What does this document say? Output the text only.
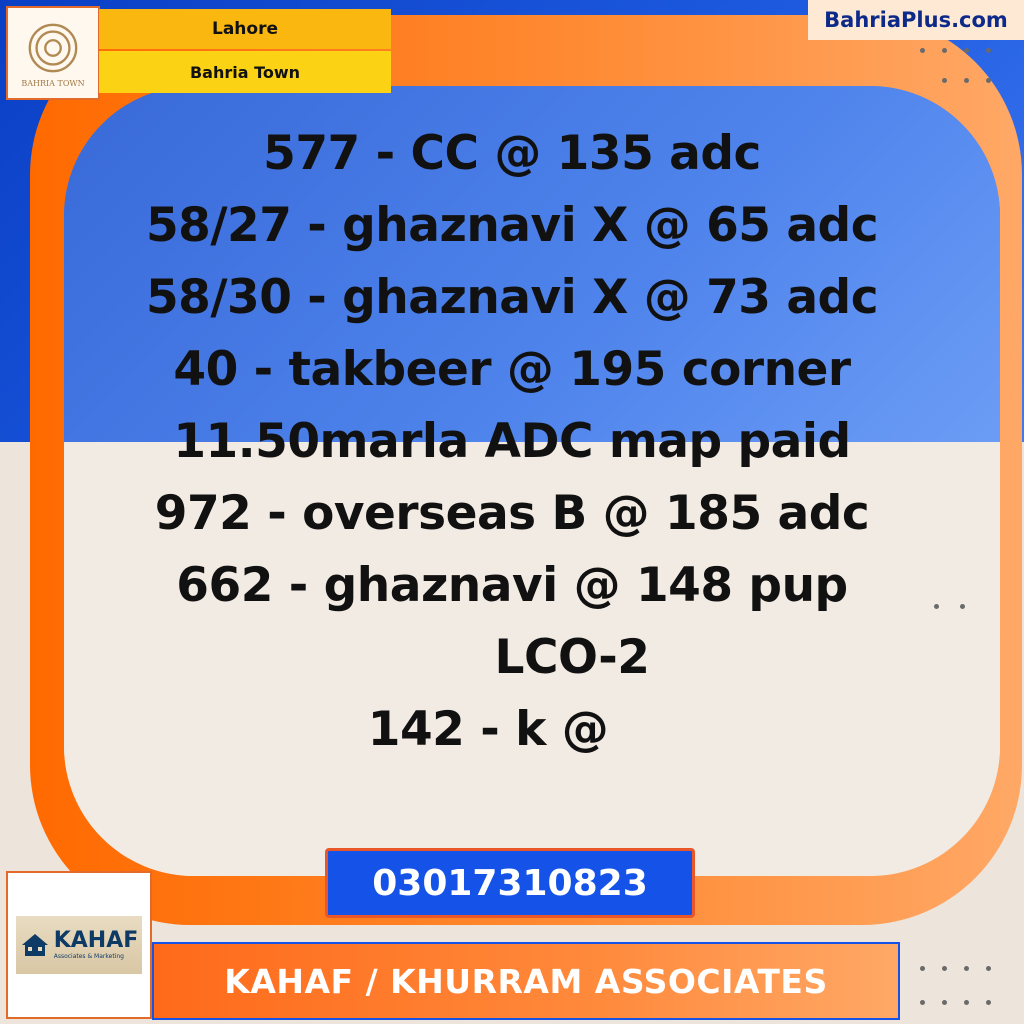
BAHRIA TOWN
Lahore
Bahria Town
BahriaPlus.com
577 - CC @ 135 adc
58/27 - ghaznavi X @ 65 adc
58/30 - ghaznavi X @ 73 adc
40 - takbeer @ 195 corner
11.50marla ADC map paid
972 - overseas B @ 185 adc
662 - ghaznavi @ 148 pup
LCO-2
142 - k @
03017310823
KAHAF
Associates & Marketing
KAHAF / KHURRAM ASSOCIATES
